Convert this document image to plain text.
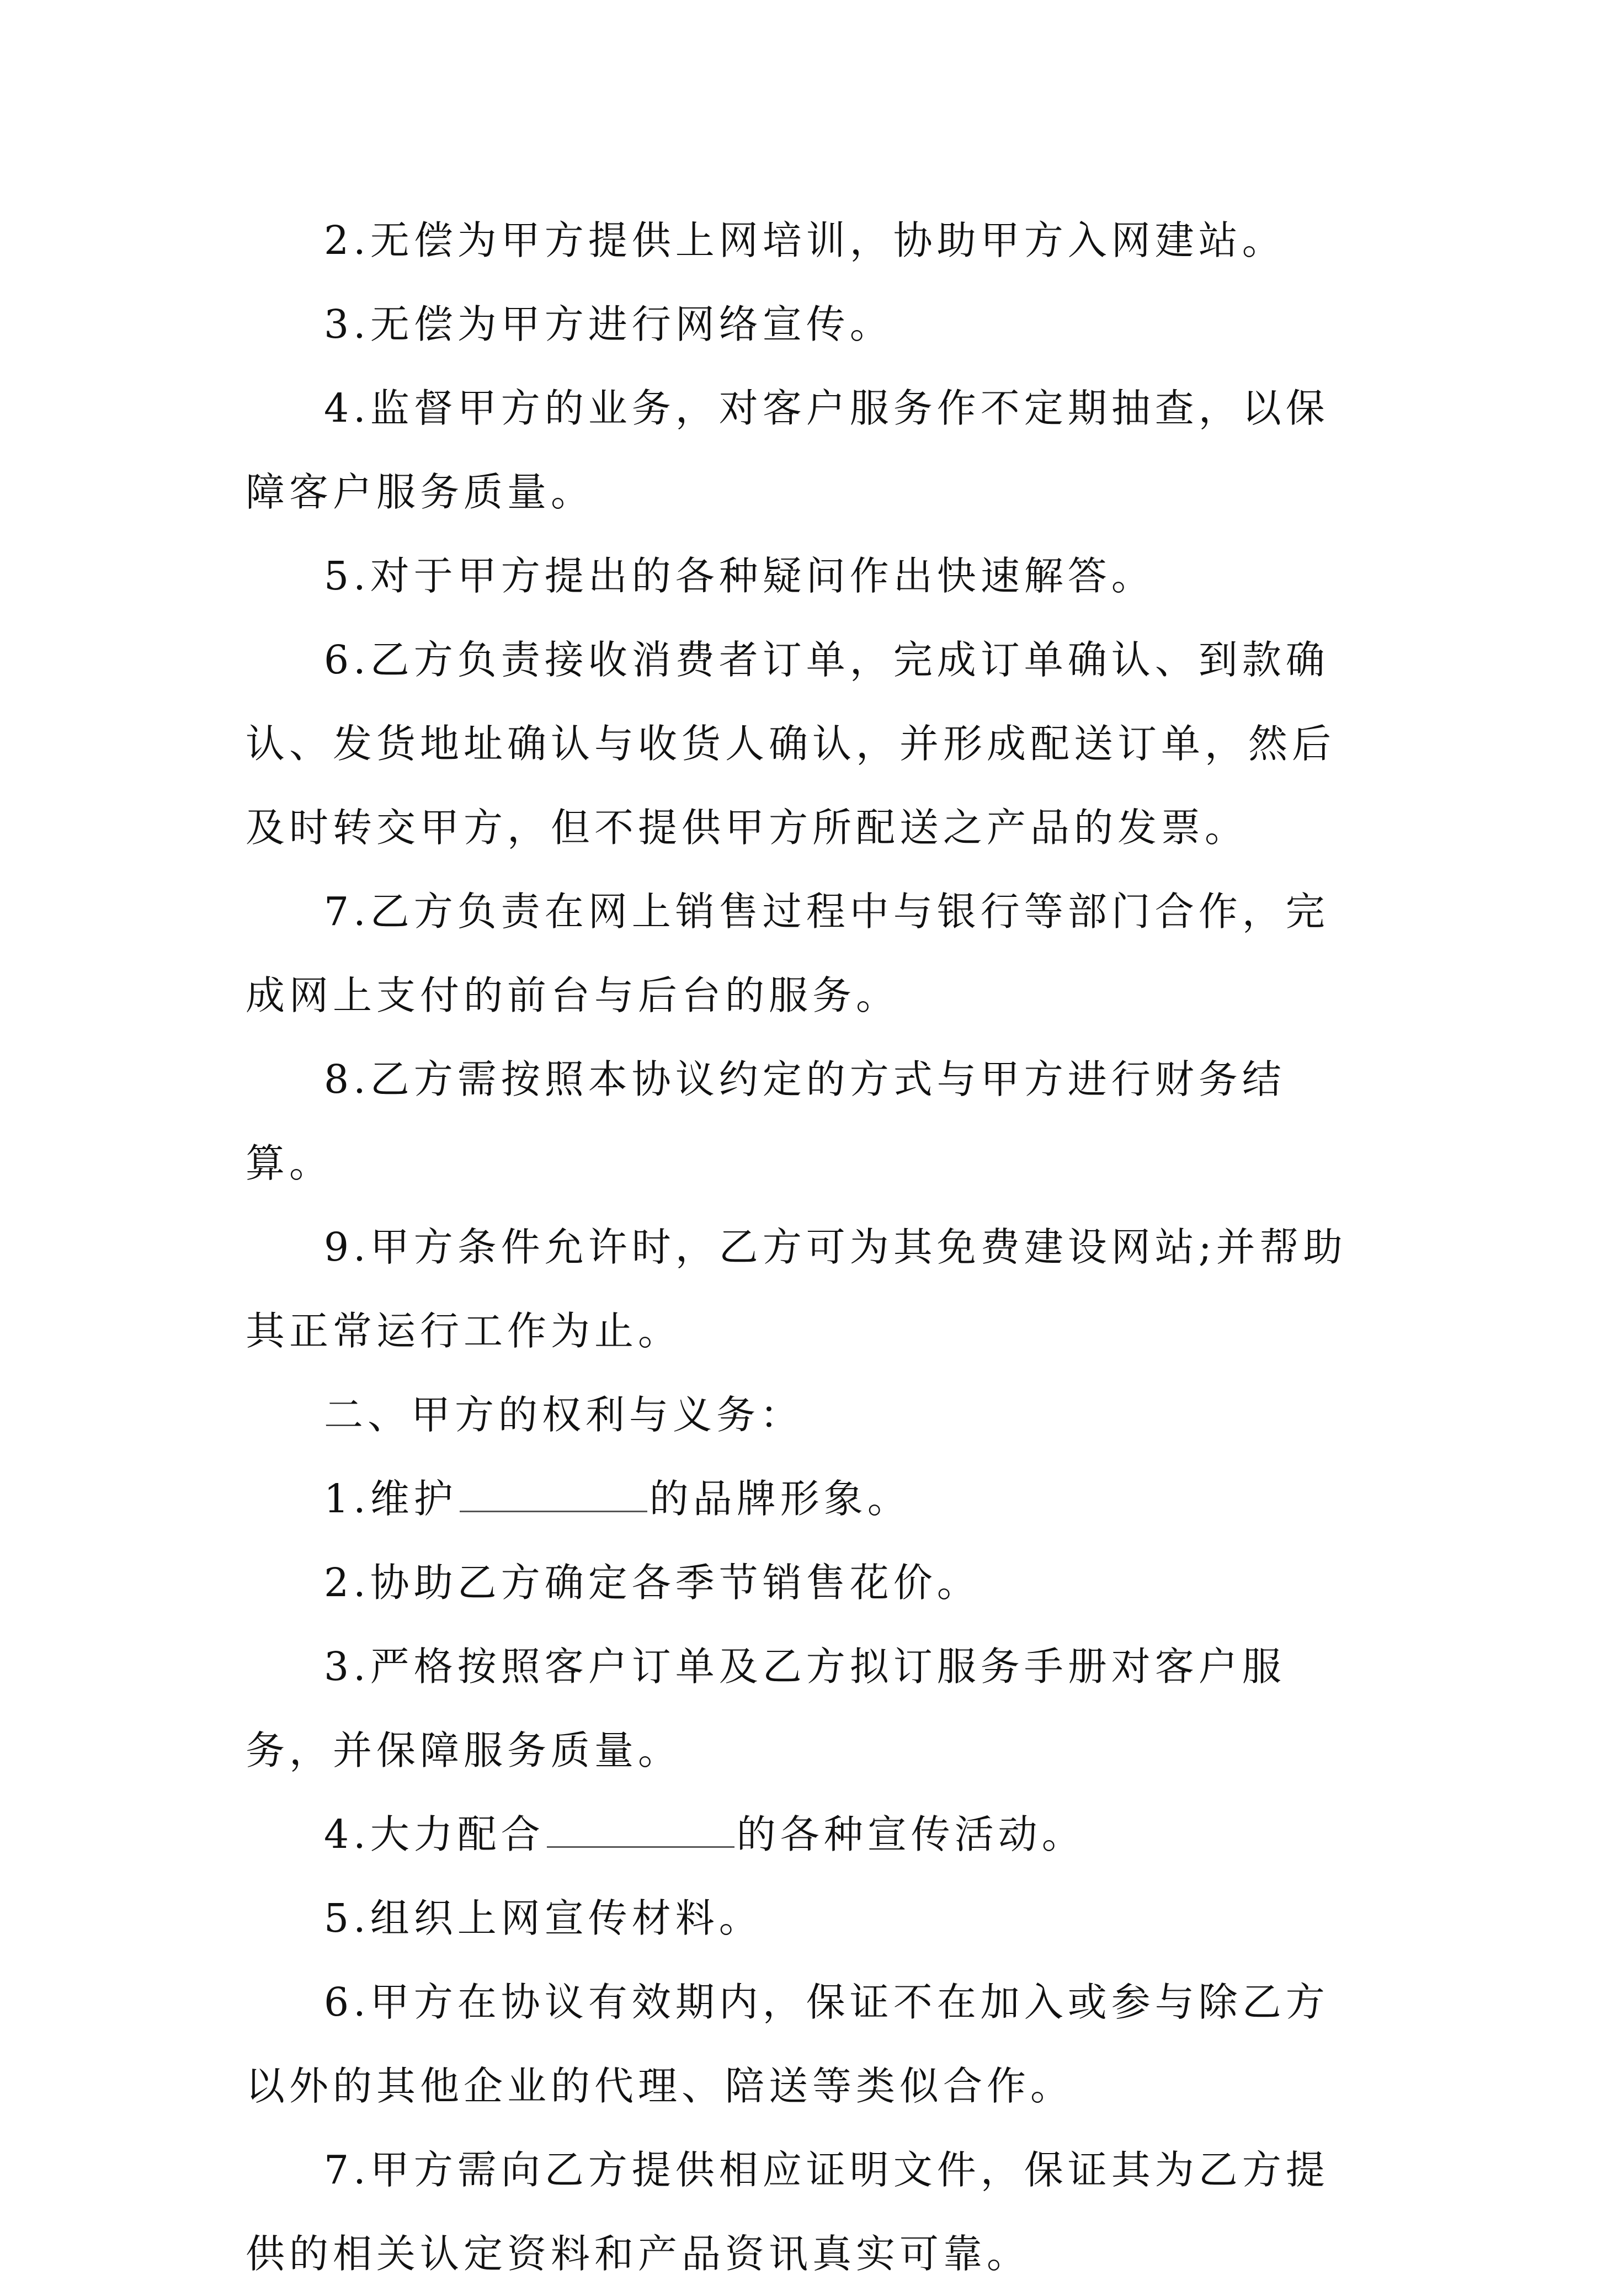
2.无偿为甲方提供上网培训，协助甲方入网建站。

3.无偿为甲方进行网络宣传。

4.监督甲方的业务，对客户服务作不定期抽查，以保障客户服务质量。

5.对于甲方提出的各种疑问作出快速解答。

6.乙方负责接收消费者订单，完成订单确认、到款确认、发货地址确认与收货人确认，并形成配送订单，然后及时转交甲方，但不提供甲方所配送之产品的发票。

7.乙方负责在网上销售过程中与银行等部门合作，完成网上支付的前台与后台的服务。

8.乙方需按照本协议约定的方式与甲方进行财务结算。

9.甲方条件允许时，乙方可为其免费建设网站;并帮助其正常运行工作为止。

二、甲方的权利与义务：

1.维护	的品牌形象。

2.协助乙方确定各季节销售花价。

3.严格按照客户订单及乙方拟订服务手册对客户服务，并保障服务质量。

4.大力配合	的各种宣传活动。

5.组织上网宣传材料。

6.甲方在协议有效期内，保证不在加入或参与除乙方以外的其他企业的代理、陪送等类似合作。

7.甲方需向乙方提供相应证明文件，保证其为乙方提供的相关认定资料和产品资讯真实可靠。
